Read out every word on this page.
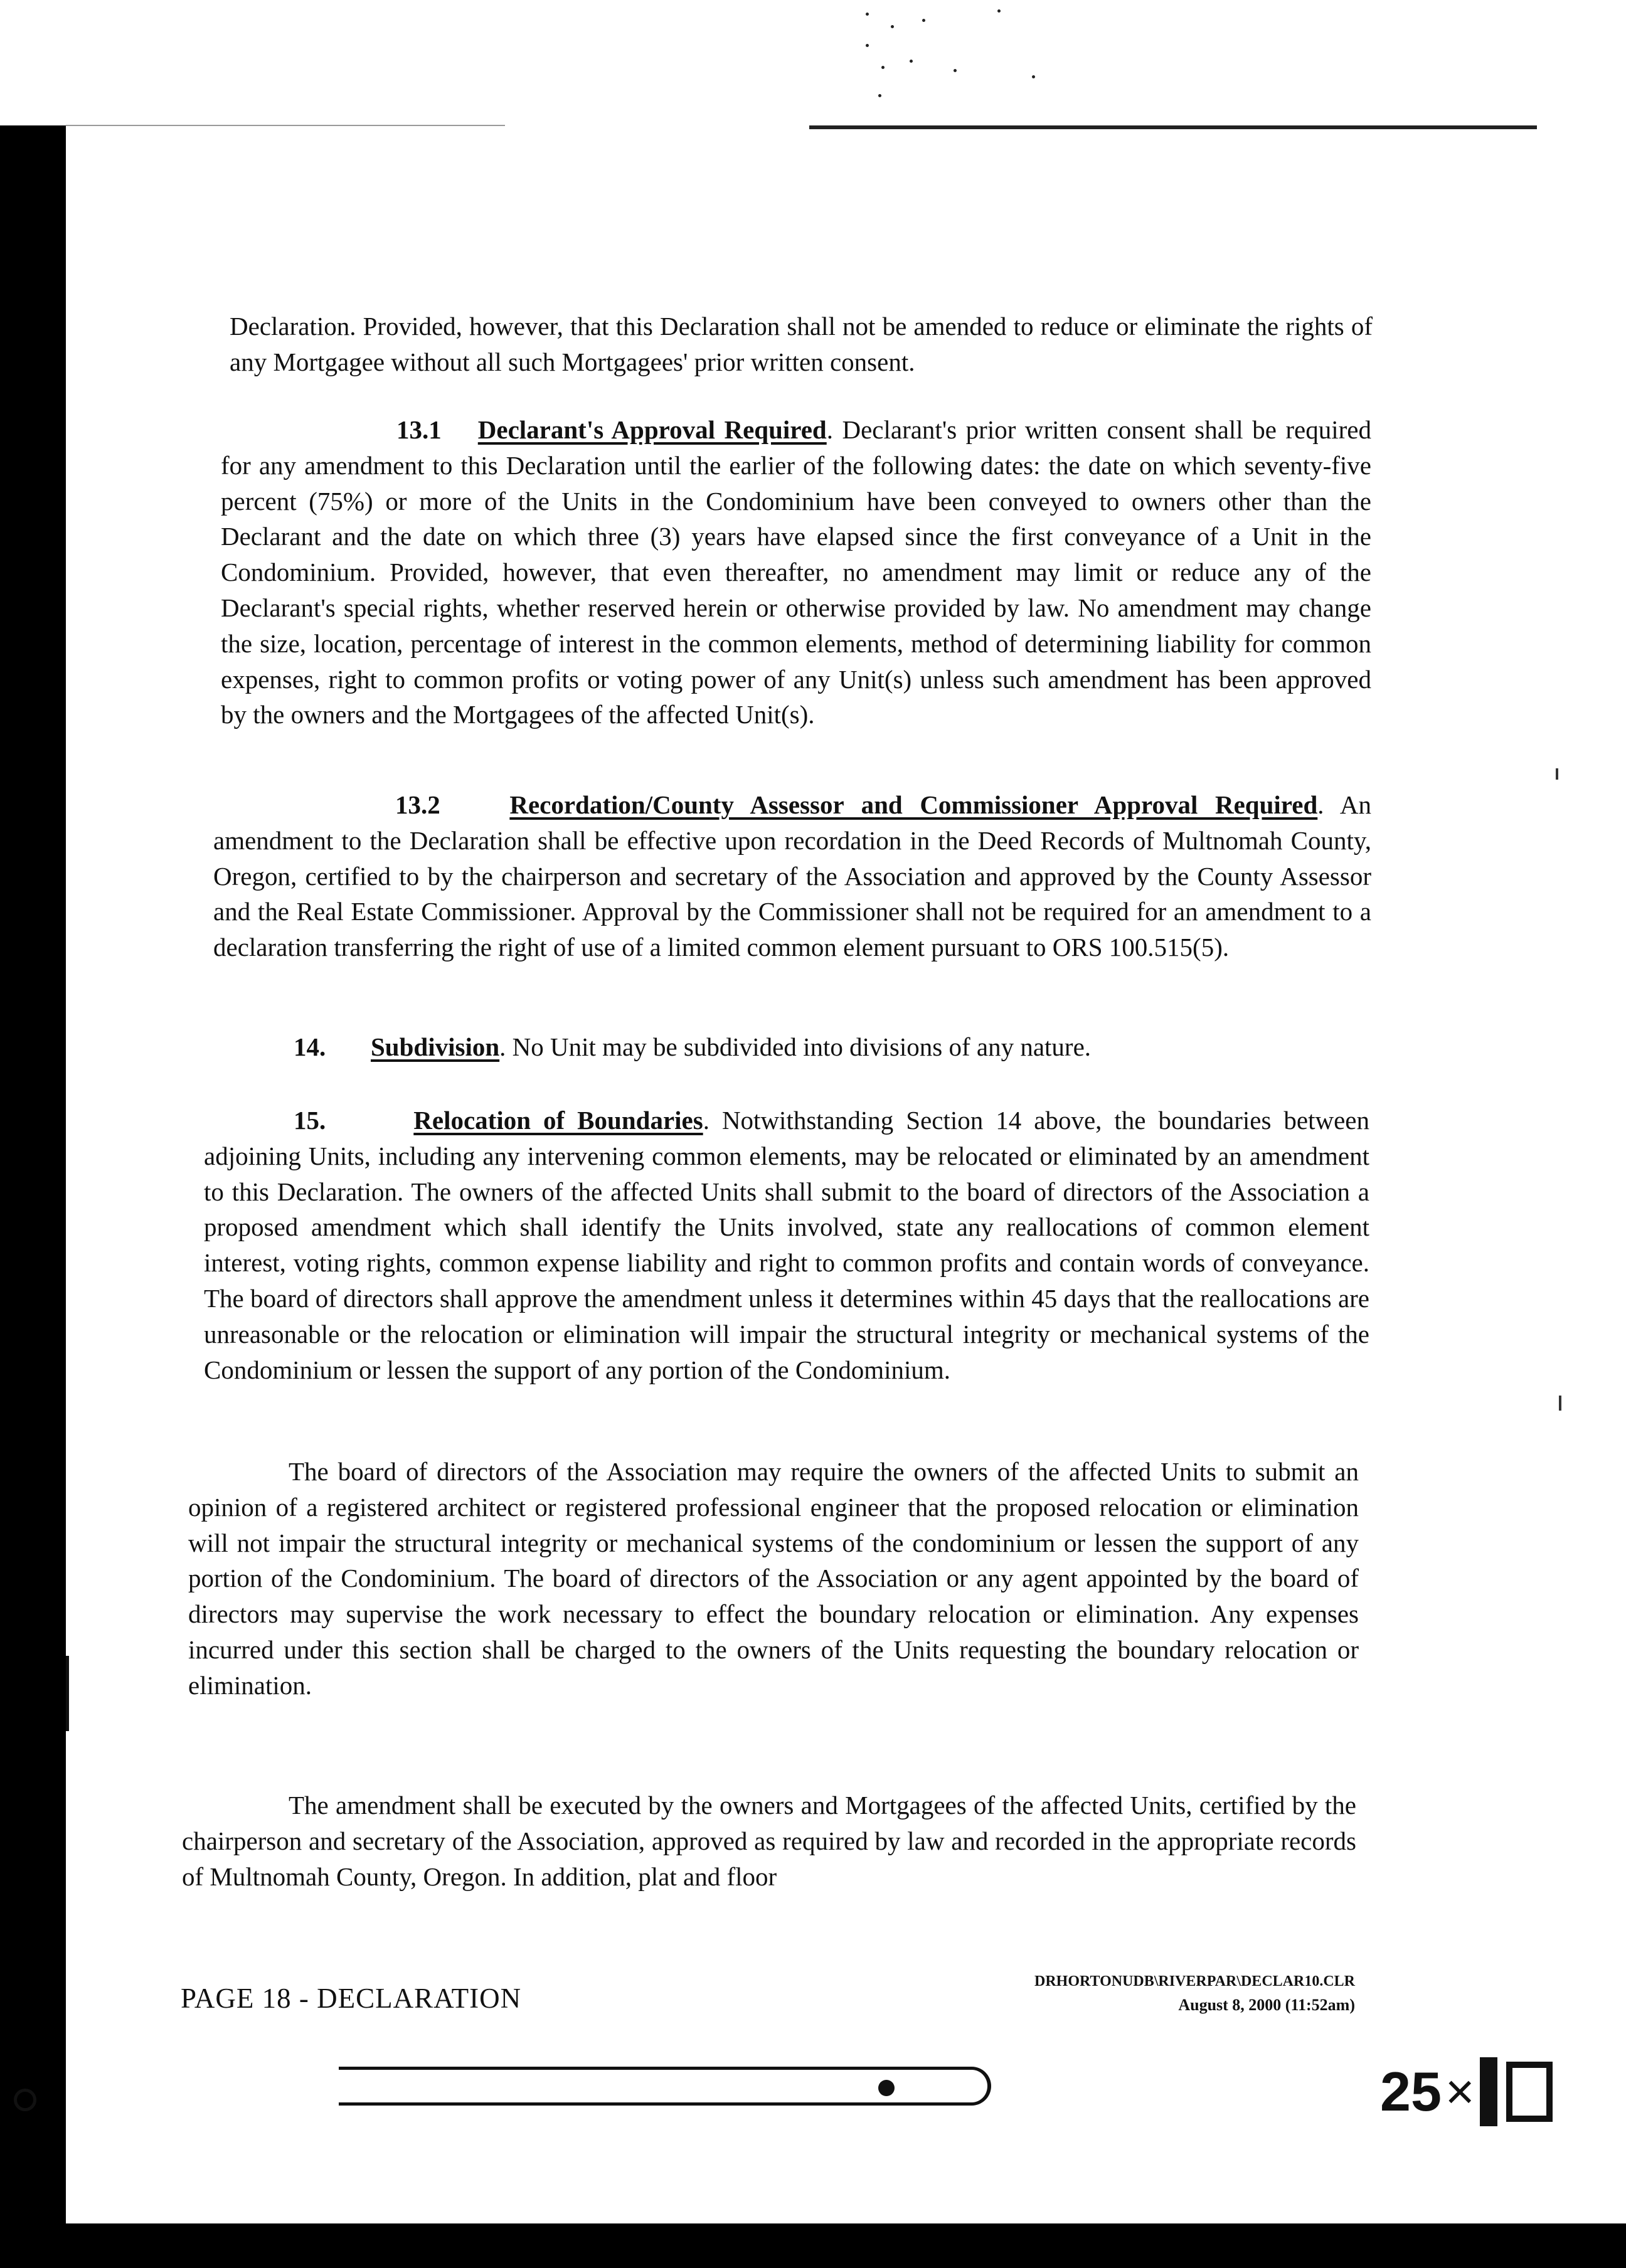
Declaration. Provided, however, that this Declaration shall not be amended to reduce or eliminate the rights of any Mortgagee without all such Mortgagees' prior written consent.

13.1 Declarant's Approval Required. Declarant's prior written consent shall be required for any amendment to this Declaration until the earlier of the following dates: the date on which seventy-five percent (75%) or more of the Units in the Condominium have been conveyed to owners other than the Declarant and the date on which three (3) years have elapsed since the first conveyance of a Unit in the Condominium. Provided, however, that even thereafter, no amendment may limit or reduce any of the Declarant's special rights, whether reserved herein or otherwise provided by law. No amendment may change the size, location, percentage of interest in the common elements, method of determining liability for common expenses, right to common profits or voting power of any Unit(s) unless such amendment has been approved by the owners and the Mortgagees of the affected Unit(s).

13.2	Recordation/County Assessor and Commissioner Approval Required. An amendment to the Declaration shall be effective upon recordation in the Deed Records of Multnomah County, Oregon, certified to by the chairperson and secretary of the Association and approved by the County Assessor and the Real Estate Commissioner. Approval by the Commissioner shall not be required for an amendment to a declaration transferring the right of use of a limited common element pursuant to ORS 100.515(5).

14. Subdivision. No Unit may be subdivided into divisions of any nature.

15.	Relocation of Boundaries. Notwithstanding Section 14 above, the boundaries between adjoining Units, including any intervening common elements, may be relocated or eliminated by an amendment to this Declaration. The owners of the affected Units shall submit to the board of directors of the Association a proposed amendment which shall identify the Units involved, state any reallocations of common element interest, voting rights, common expense liability and right to common profits and contain words of conveyance. The board of directors shall approve the amendment unless it determines within 45 days that the reallocations are unreasonable or the relocation or elimination will impair the structural integrity or mechanical systems of the Condominium or lessen the support of any portion of the Condominium.

The board of directors of the Association may require the owners of the affected Units to submit an opinion of a registered architect or registered professional engineer that the proposed relocation or elimination will not impair the structural integrity or mechanical systems of the condominium or lessen the support of any portion of the Condominium. The board of directors of the Association or any agent appointed by the board of directors may supervise the work necessary to effect the boundary relocation or elimination. Any expenses incurred under this section shall be charged to the owners of the Units requesting the boundary relocation or elimination.

The amendment shall be executed by the owners and Mortgagees of the affected Units, certified by the chairperson and secretary of the Association, approved as required by law and recorded in the appropriate records of Multnomah County, Oregon. In addition, plat and floor

PAGE 18 - DECLARATION
DRHORTONUDB\RIVERPAR\DECLAR10.CLR
August 8, 2000 (11:52am)
25 ×
